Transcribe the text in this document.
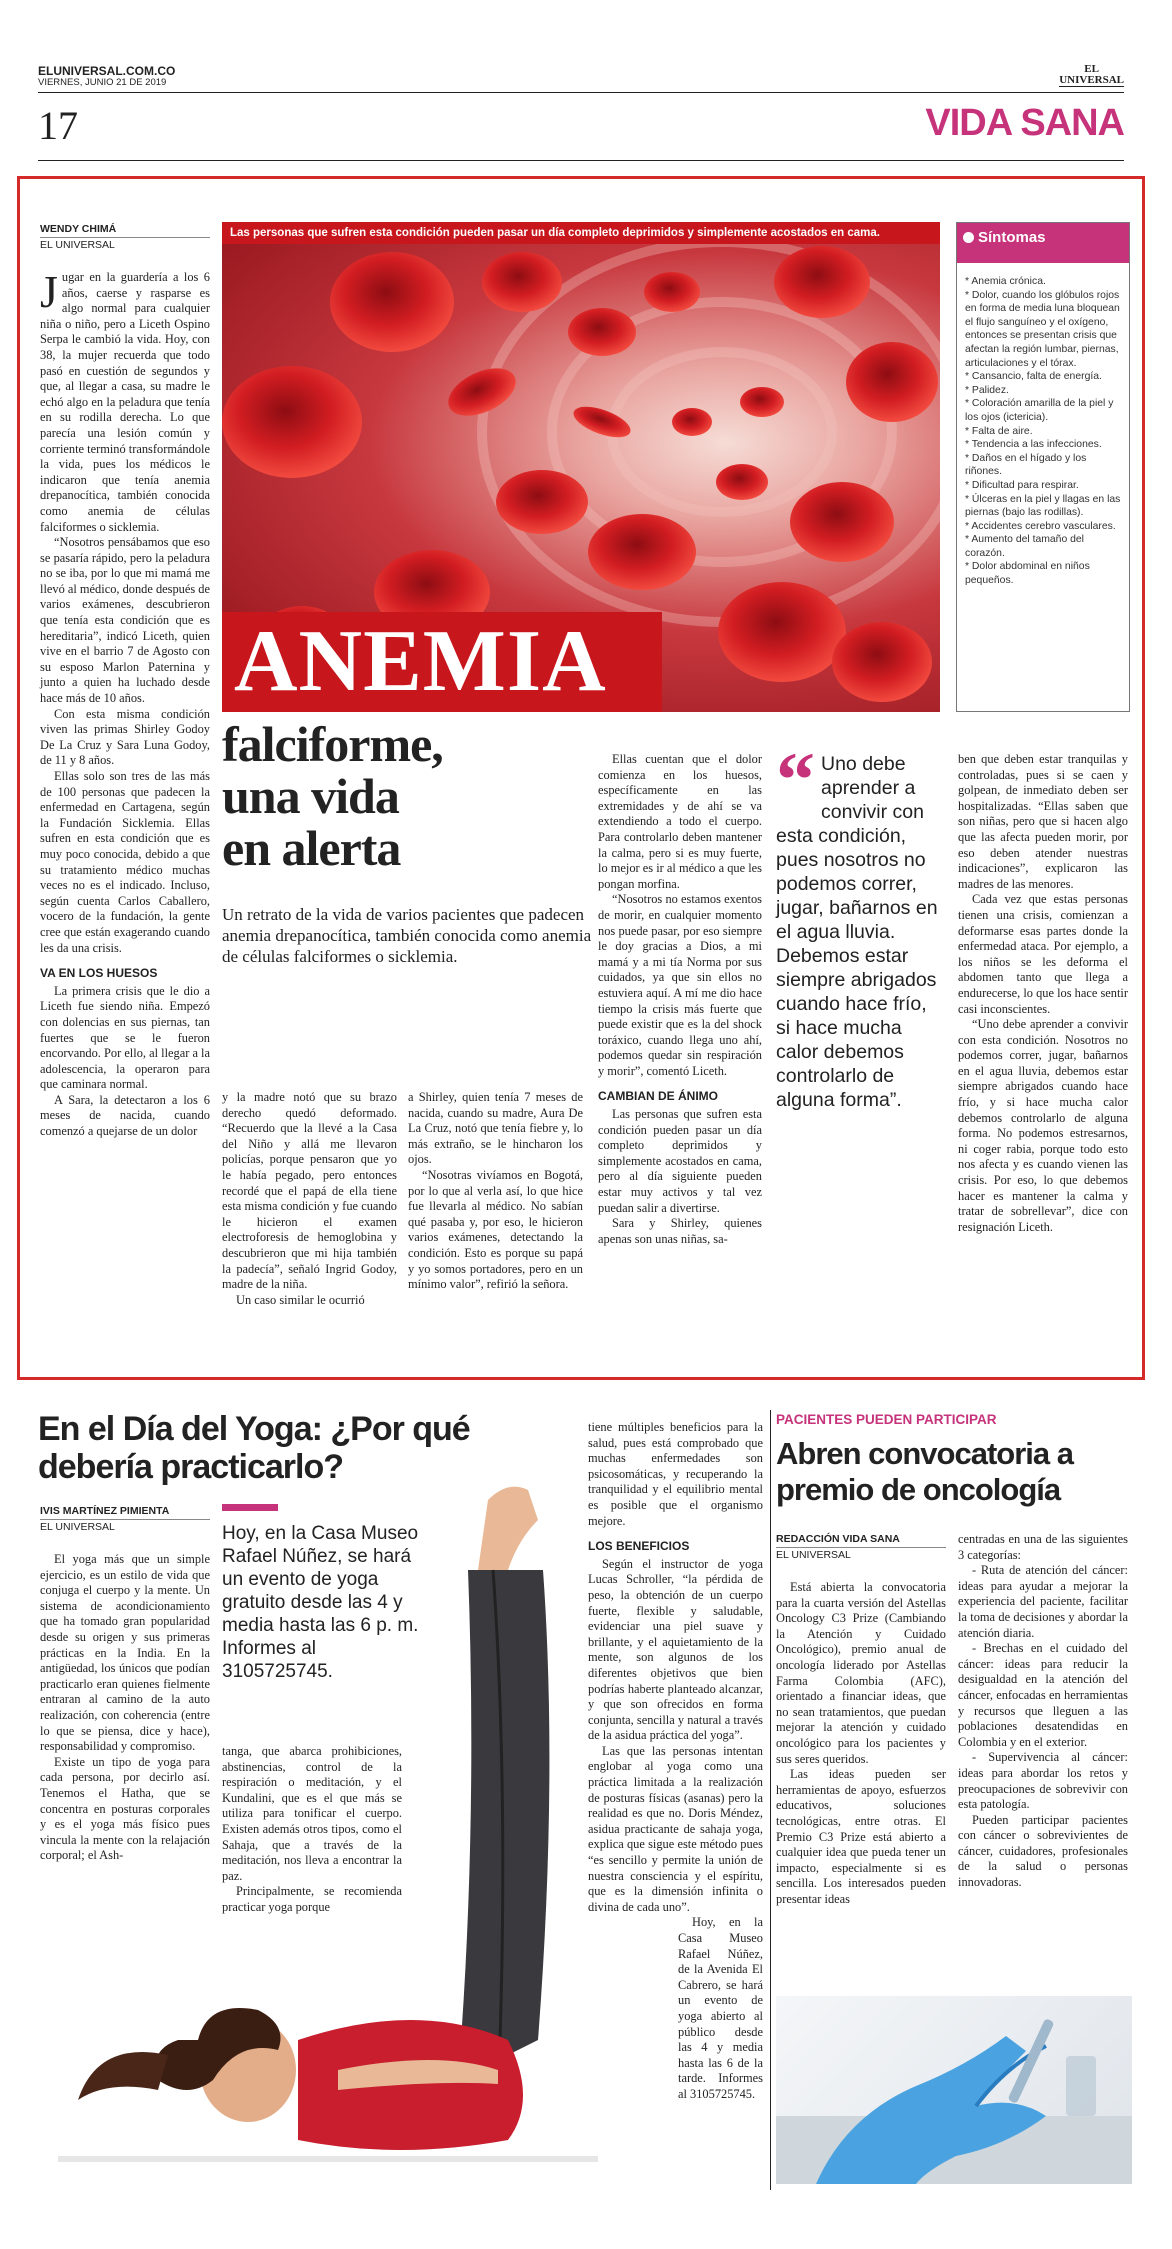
ELUNIVERSAL.COM.CO
VIERNES, JUNIO 21 DE 2019
EL
UNIVERSAL
17	VIDA SANA
WENDY CHIMÁ
EL UNIVERSAL

Jugar en la guardería a los 6 años, caerse y rasparse es algo normal para cualquier niña o niño, pero a Liceth Ospino Serpa le cambió la vida. Hoy, con 38, la mujer recuerda que todo pasó en cuestión de segundos y que, al llegar a casa, su madre le echó algo en la peladura que tenía en su rodilla derecha. Lo que parecía una lesión común y corriente terminó transformándole la vida, pues los médicos le indicaron que tenía anemia drepanocítica, también conocida como anemia de células falciformes o sicklemia.

“Nosotros pensábamos que eso se pasaría rápido, pero la peladura no se iba, por lo que mi mamá me llevó al médico, donde después de varios exámenes, descubrieron que tenía esta condición que es hereditaria”, indicó Liceth, quien vive en el barrio 7 de Agosto con su esposo Marlon Paternina y junto a quien ha luchado desde hace más de 10 años.

Con esta misma condición viven las primas Shirley Godoy De La Cruz y Sara Luna Godoy, de 11 y 8 años.

Ellas solo son tres de las más de 100 personas que padecen la enfermedad en Cartagena, según la Fundación Sicklemia. Ellas sufren en esta condición que es muy poco conocida, debido a que su tratamiento médico muchas veces no es el indicado. Incluso, según cuenta Carlos Caballero, vocero de la fundación, la gente cree que están exagerando cuando les da una crisis.

VA EN LOS HUESOS

La primera crisis que le dio a Liceth fue siendo niña. Empezó con dolencias en sus piernas, tan fuertes que se le fueron encorvando. Por ello, al llegar a la adolescencia, la operaron para que caminara normal.

A Sara, la detectaron a los 6 meses de nacida, cuando comenzó a quejarse de un dolor

Las personas que sufren esta condición pueden pasar un día completo deprimidos y simplemente acostados en cama.
ANEMIA
Síntomas
* Anemia crónica.
* Dolor, cuando los glóbulos rojos en forma de media luna bloquean el flujo sanguíneo y el oxígeno, entonces se presentan crisis que afectan la región lumbar, piernas, articulaciones y el tórax.
* Cansancio, falta de energía.
* Palidez.
* Coloración amarilla de la piel y los ojos (ictericia).
* Falta de aire.
* Tendencia a las infecciones.
* Daños en el hígado y los riñones.
* Dificultad para respirar.
* Úlceras en la piel y llagas en las piernas (bajo las rodillas).
* Accidentes cerebro vasculares.
* Aumento del tamaño del corazón.
* Dolor abdominal en niños pequeños.
falciforme,
una vida
en alerta
Un retrato de la vida de varios pacientes que padecen anemia drepanocítica, también conocida como anemia de células falciformes o sicklemia.

y la madre notó que su brazo derecho quedó deformado. “Recuerdo que la llevé a la Casa del Niño y allá me llevaron policías, porque pensaron que yo le había pegado, pero entonces recordé que el papá de ella tiene esta misma condición y fue cuando le hicieron el examen electroforesis de hemoglobina y descubrieron que mi hija también la padecía”, señaló Ingrid Godoy, madre de la niña.

Un caso similar le ocurrió

a Shirley, quien tenía 7 meses de nacida, cuando su madre, Aura De La Cruz, notó que tenía fiebre y, lo más extraño, se le hincharon los ojos.

“Nosotras vivíamos en Bogotá, por lo que al verla así, lo que hice fue llevarla al médico. No sabían qué pasaba y, por eso, le hicieron varios exámenes, detectando la condición. Esto es porque su papá y yo somos portadores, pero en un mínimo valor”, refirió la señora.

Ellas cuentan que el dolor comienza en los huesos, específicamente en las extremidades y de ahí se va extendiendo a todo el cuerpo. Para controlarlo deben mantener la calma, pero si es muy fuerte, lo mejor es ir al médico a que les pongan morfina.

“Nosotros no estamos exentos de morir, en cualquier momento nos puede pasar, por eso siempre le doy gracias a Dios, a mi mamá y a mi tía Norma por sus cuidados, ya que sin ellos no estuviera aquí. A mí me dio hace tiempo la crisis más fuerte que puede existir que es la del shock toráxico, cuando llega uno ahí, podemos quedar sin respiración y morir”, comentó Liceth.

CAMBIAN DE ÁNIMO

Las personas que sufren esta condición pueden pasar un día completo deprimidos y simplemente acostados en cama, pero al día siguiente pueden estar muy activos y tal vez puedan salir a divertirse.

Sara y Shirley, quienes apenas son unas niñas, sa-

“ Uno debe aprender a convivir con esta condición, pues nosotros no podemos correr, jugar, bañarnos en el agua lluvia. Debemos estar siempre abrigados cuando hace frío, si hace mucha calor debemos controlarlo de alguna forma”.

ben que deben estar tranquilas y controladas, pues si se caen y golpean, de inmediato deben ser hospitalizadas. “Ellas saben que son niñas, pero que si hacen algo que las afecta pueden morir, por eso deben atender nuestras indicaciones”, explicaron las madres de las menores.

Cada vez que estas personas tienen una crisis, comienzan a deformarse esas partes donde la enfermedad ataca. Por ejemplo, a los niños se les deforma el abdomen tanto que llega a endurecerse, lo que los hace sentir casi inconscientes.

“Uno debe aprender a convivir con esta condición. Nosotros no podemos correr, jugar, bañarnos en el agua lluvia, debemos estar siempre abrigados cuando hace frío, y si hace mucha calor debemos controlarlo de alguna forma. No podemos estresarnos, ni coger rabia, porque todo esto nos afecta y es cuando vienen las crisis. Por eso, lo que debemos hacer es mantener la calma y tratar de sobrellevar”, dice con resignación Liceth.

En el Día del Yoga: ¿Por qué debería practicarlo?
IVIS MARTÍNEZ PIMIENTA
EL UNIVERSAL	Hoy, en la Casa Museo Rafael Núñez, se hará un evento de yoga gratuito desde las 4 y media hasta las 6 p. m. Informes al 3105725745.

El yoga más que un simple ejercicio, es un estilo de vida que conjuga el cuerpo y la mente. Un sistema de acondicionamiento que ha tomado gran popularidad desde su origen y sus primeras prácticas en la India. En la antigüedad, los únicos que podían practicarlo eran quienes fielmente entraran al camino de la auto realización, con coherencia (entre lo que se piensa, dice y hace), responsabilidad y compromiso.

Existe un tipo de yoga para cada persona, por decirlo así. Tenemos el Hatha, que se concentra en posturas corporales y es el yoga más físico pues vincula la mente con la relajación corporal; el Ash-

tanga, que abarca prohibiciones, abstinencias, control de la respiración o meditación, y el Kundalini, que es el que más se utiliza para tonificar el cuerpo. Existen además otros tipos, como el Sahaja, que a través de la meditación, nos lleva a encontrar la paz.

Principalmente, se recomienda practicar yoga porque

tiene múltiples beneficios para la salud, pues está comprobado que muchas enfermedades son psicosomáticas, y recuperando la tranquilidad y el equilibrio mental es posible que el organismo mejore.

LOS BENEFICIOS

Según el instructor de yoga Lucas Schroller, “la pérdida de peso, la obtención de un cuerpo fuerte, flexible y saludable, evidenciar una piel suave y brillante, y el aquietamiento de la mente, son algunos de los diferentes objetivos que bien podrías haberte planteado alcanzar, y que son ofrecidos en forma conjunta, sencilla y natural a través de la asidua práctica del yoga”.

Las que las personas intentan englobar al yoga como una práctica limitada a la realización de posturas físicas (asanas) pero la realidad es que no. Doris Méndez, asidua practicante de sahaja yoga, explica que sigue este método pues “es sencillo y permite la unión de nuestra consciencia y el espíritu, que es la dimensión infinita o divina de cada uno”.

Hoy, en la Casa Museo Rafael Núñez, de la Avenida El Cabrero, se hará un evento de yoga abierto al público desde las 4 y media hasta las 6 de la tarde. Informes al 3105725745.

PACIENTES PUEDEN PARTICIPAR
Abren convocatoria a premio de oncología
REDACCIÓN VIDA SANA
EL UNIVERSAL

Está abierta la convocatoria para la cuarta versión del Astellas Oncology C3 Prize (Cambiando la Atención y Cuidado Oncológico), premio anual de oncología liderado por Astellas Farma Colombia (AFC), orientado a financiar ideas, que no sean tratamientos, que puedan mejorar la atención y cuidado oncológico para los pacientes y sus seres queridos.

Las ideas pueden ser herramientas de apoyo, esfuerzos educativos, soluciones tecnológicas, entre otras. El Premio C3 Prize está abierto a cualquier idea que pueda tener un impacto, especialmente si es sencilla. Los interesados pueden presentar ideas

centradas en una de las siguientes 3 categorías:

- Ruta de atención del cáncer: ideas para ayudar a mejorar la experiencia del paciente, facilitar la toma de decisiones y abordar la atención diaria.

- Brechas en el cuidado del cáncer: ideas para reducir la desigualdad en la atención del cáncer, enfocadas en herramientas y recursos que lleguen a las poblaciones desatendidas en Colombia y en el exterior.

- Supervivencia al cáncer: ideas para abordar los retos y preocupaciones de sobrevivir con esta patología.

Pueden participar pacientes con cáncer o sobrevivientes de cáncer, cuidadores, profesionales de la salud o personas innovadoras.
